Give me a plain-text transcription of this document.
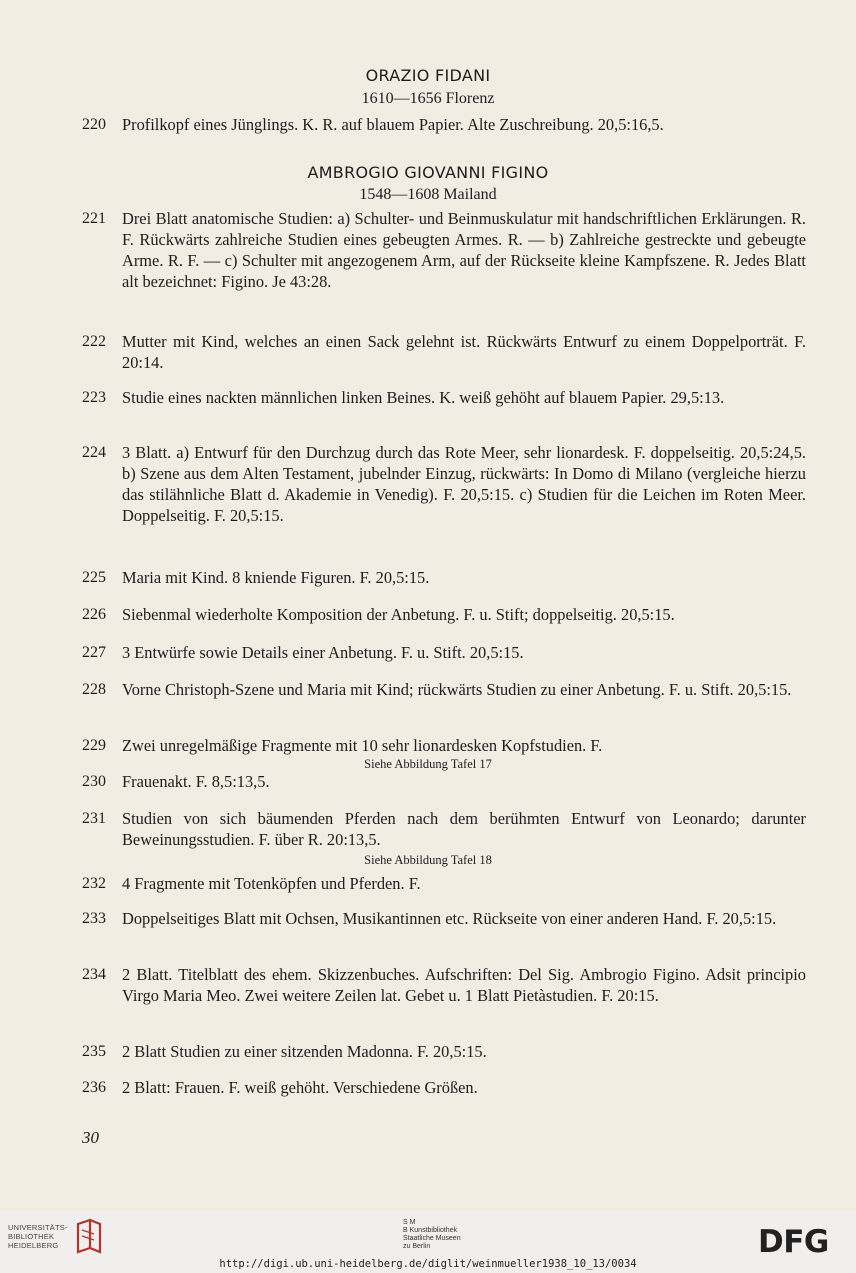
ORAZIO FIDANI
1610—1656 Florenz
220 Profilkopf eines Jünglings. K. R. auf blauem Papier. Alte Zuschreibung. 20,5:16,5.
AMBROGIO GIOVANNI FIGINO
1548—1608 Mailand
221 Drei Blatt anatomische Studien: a) Schulter- und Beinmuskulatur mit handschriftlichen Erklärungen. R. F. Rückwärts zahlreiche Studien eines gebeugten Armes. R. — b) Zahlreiche gestreckte und gebeugte Arme. R. F. — c) Schulter mit angezogenem Arm, auf der Rückseite kleine Kampfszene. R. Jedes Blatt alt bezeichnet: Figino. Je 43:28.
222 Mutter mit Kind, welches an einen Sack gelehnt ist. Rückwärts Entwurf zu einem Doppelporträt. F. 20:14.
223 Studie eines nackten männlichen linken Beines. K. weiß gehöht auf blauem Papier. 29,5:13.
224 3 Blatt. a) Entwurf für den Durchzug durch das Rote Meer, sehr lionardesk. F. doppelseitig. 20,5:24,5. b) Szene aus dem Alten Testament, jubelnder Einzug, rückwärts: In Domo di Milano (vergleiche hierzu das stilähnliche Blatt d. Akademie in Venedig). F. 20,5:15. c) Studien für die Leichen im Roten Meer. Doppelseitig. F. 20,5:15.
225 Maria mit Kind. 8 kniende Figuren. F. 20,5:15.
226 Siebenmal wiederholte Komposition der Anbetung. F. u. Stift; doppelseitig. 20,5:15.
227 3 Entwürfe sowie Details einer Anbetung. F. u. Stift. 20,5:15.
228 Vorne Christoph-Szene und Maria mit Kind; rückwärts Studien zu einer Anbetung. F. u. Stift. 20,5:15.
229 Zwei unregelmäßige Fragmente mit 10 sehr lionardesken Kopfstudien. F.
Siehe Abbildung Tafel 17
230 Frauenakt. F. 8,5:13,5.
231 Studien von sich bäumenden Pferden nach dem berühmten Entwurf von Leonardo; darunter Beweinungsstudien. F. über R. 20:13,5.
Siehe Abbildung Tafel 18
232 4 Fragmente mit Totenköpfen und Pferden. F.
233 Doppelseitiges Blatt mit Ochsen, Musikantinnen etc. Rückseite von einer anderen Hand. F. 20,5:15.
234 2 Blatt. Titelblatt des ehem. Skizzenbuches. Aufschriften: Del Sig. Ambrogio Figino. Adsit principio Virgo Maria Meo. Zwei weitere Zeilen lat. Gebet u. 1 Blatt Pietàstudien. F. 20:15.
235 2 Blatt Studien zu einer sitzenden Madonna. F. 20,5:15.
236 2 Blatt: Frauen. F. weiß gehöht. Verschiedene Größen.
30
UNIVERSITÄTS-
BIBLIOTHEK
HEIDELBERG
S M
B Kunstbibliothek
Staatliche Museen
zu Berlin	DFG
http://digi.ub.uni-heidelberg.de/diglit/weinmueller1938_10_13/0034
